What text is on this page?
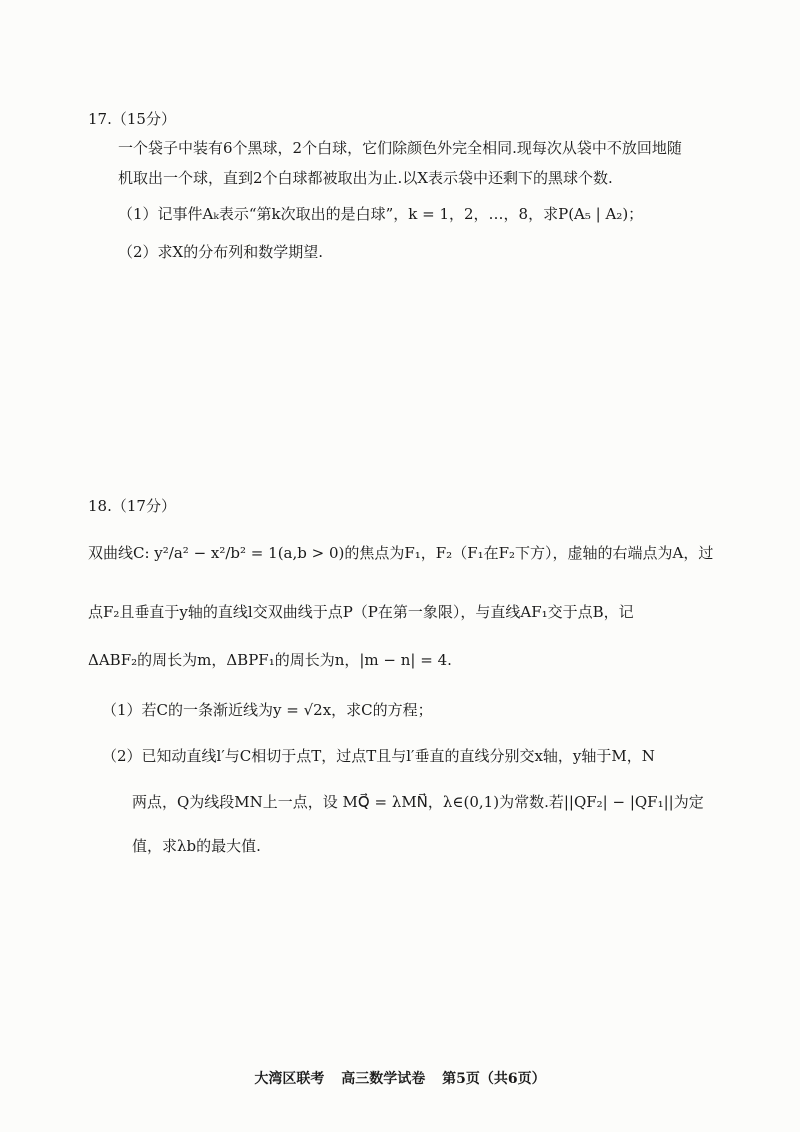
17.（15分）
一个袋子中装有6个黑球，2个白球，它们除颜色外完全相同.现每次从袋中不放回地随
机取出一个球，直到2个白球都被取出为止.以X表示袋中还剩下的黑球个数.
（1）记事件Aₖ表示“第k次取出的是白球”，k = 1，2，…，8，求P(A₅ | A₂)；
（2）求X的分布列和数学期望.
18.（17分）
双曲线C: y²/a² − x²/b² = 1(a,b > 0)的焦点为F₁，F₂（F₁在F₂下方），虚轴的右端点为A，过
点F₂且垂直于y轴的直线l交双曲线于点P（P在第一象限），与直线AF₁交于点B，记
ΔABF₂的周长为m，ΔBPF₁的周长为n，|m − n| = 4.
（1）若C的一条渐近线为y = √2x，求C的方程；
（2）已知动直线l′与C相切于点T，过点T且与l′垂直的直线分别交x轴，y轴于M，N
两点，Q为线段MN上一点，设 MQ⃗ = λMN⃗，λ∈(0,1)为常数.若||QF₂| − |QF₁||为定
值，求λb的最大值.
大湾区联考 高三数学试卷 第5页（共6页）
